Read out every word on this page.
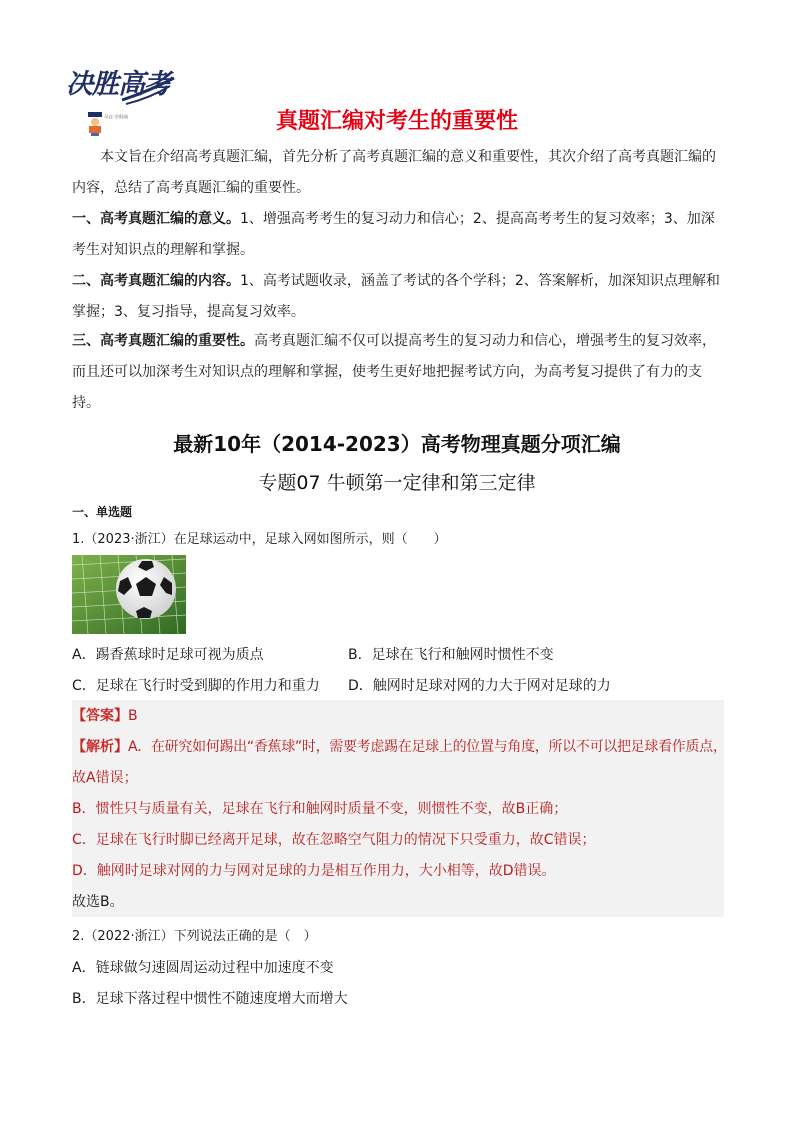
决胜高考
尽在·学科网	真题汇编对考生的重要性
本文旨在介绍高考真题汇编，首先分析了高考真题汇编的意义和重要性，其次介绍了高考真题汇编的内容，总结了高考真题汇编的重要性。
一、高考真题汇编的意义。1、增强高考考生的复习动力和信心；2、提高高考考生的复习效率；3、加深考生对知识点的理解和掌握。
二、高考真题汇编的内容。1、高考试题收录，涵盖了考试的各个学科；2、答案解析，加深知识点理解和掌握；3、复习指导，提高复习效率。
三、高考真题汇编的重要性。高考真题汇编不仅可以提高考生的复习动力和信心，增强考生的复习效率，而且还可以加深考生对知识点的理解和掌握，使考生更好地把握考试方向，为高考复习提供了有力的支持。
最新10年（2014-2023）高考物理真题分项汇编
专题07 牛顿第一定律和第三定律
一、单选题
1.（2023·浙江）在足球运动中，足球入网如图所示，则（　　）
A．踢香蕉球时足球可视为质点	B．足球在飞行和触网时惯性不变
C．足球在飞行时受到脚的作用力和重力 D．触网时足球对网的力大于网对足球的力
【答案】B
【解析】A．在研究如何踢出“香蕉球”时，需要考虑踢在足球上的位置与角度，所以不可以把足球看作质点，
故A错误；
B．惯性只与质量有关，足球在飞行和触网时质量不变，则惯性不变，故B正确；
C．足球在飞行时脚已经离开足球，故在忽略空气阻力的情况下只受重力，故C错误；
D．触网时足球对网的力与网对足球的力是相互作用力，大小相等，故D错误。
故选B。
2.（2022·浙江）下列说法正确的是（　）
A．链球做匀速圆周运动过程中加速度不变
B．足球下落过程中惯性不随速度增大而增大
